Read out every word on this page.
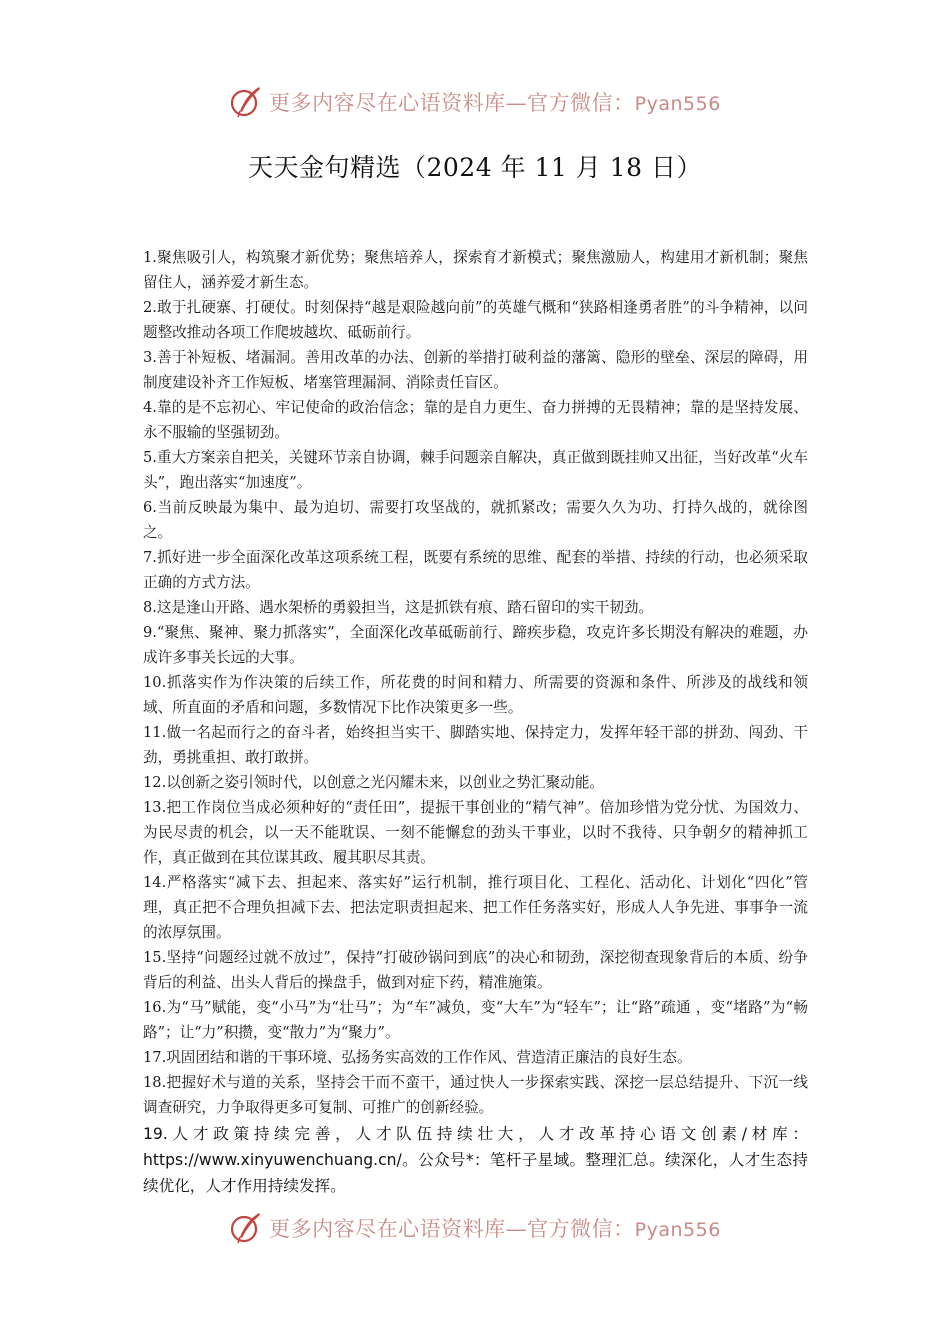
更多内容尽在心语资料库—官方微信：Pyan556
天天金句精选（2024 年 11 月 18 日）

1.聚焦吸引人，构筑聚才新优势；聚焦培养人，探索育才新模式；聚焦激励人，构建用才新机制；聚焦留住人，涵养爱才新生态。

2.敢于扎硬寨、打硬仗。时刻保持“越是艰险越向前”的英雄气概和“狭路相逢勇者胜”的斗争精神，以问题整改推动各项工作爬坡越坎、砥砺前行。

3.善于补短板、堵漏洞。善用改革的办法、创新的举措打破利益的藩篱、隐形的壁垒、深层的障碍，用制度建设补齐工作短板、堵塞管理漏洞、消除责任盲区。

4.靠的是不忘初心、牢记使命的政治信念；靠的是自力更生、奋力拼搏的无畏精神；靠的是坚持发展、永不服输的坚强韧劲。

5.重大方案亲自把关，关键环节亲自协调，棘手问题亲自解决，真正做到既挂帅又出征，当好改革“火车头”，跑出落实“加速度”。

6.当前反映最为集中、最为迫切、需要打攻坚战的，就抓紧改；需要久久为功、打持久战的，就徐图之。

7.抓好进一步全面深化改革这项系统工程，既要有系统的思维、配套的举措、持续的行动，也必须采取正确的方式方法。

8.这是逢山开路、遇水架桥的勇毅担当，这是抓铁有痕、踏石留印的实干韧劲。

9.“聚焦、聚神、聚力抓落实”，全面深化改革砥砺前行、蹄疾步稳，攻克许多长期没有解决的难题，办成许多事关长远的大事。

10.抓落实作为作决策的后续工作，所花费的时间和精力、所需要的资源和条件、所涉及的战线和领域、所直面的矛盾和问题，多数情况下比作决策更多一些。

11.做一名起而行之的奋斗者，始终担当实干、脚踏实地、保持定力，发挥年轻干部的拼劲、闯劲、干劲，勇挑重担、敢打敢拼。

12.以创新之姿引领时代，以创意之光闪耀未来，以创业之势汇聚动能。

13.把工作岗位当成必须种好的“责任田”，提振干事创业的“精气神”。倍加珍惜为党分忧、为国效力、为民尽责的机会，以一天不能耽误、一刻不能懈怠的劲头干事业，以时不我待、只争朝夕的精神抓工作，真正做到在其位谋其政、履其职尽其责。

14.严格落实“减下去、担起来、落实好”运行机制，推行项目化、工程化、活动化、计划化“四化”管理，真正把不合理负担减下去、把法定职责担起来、把工作任务落实好，形成人人争先进、事事争一流的浓厚氛围。

15.坚持“问题经过就不放过”，保持“打破砂锅问到底”的决心和韧劲，深挖彻查现象背后的本质、纷争背后的利益、出头人背后的操盘手，做到对症下药，精准施策。

16.为“马”赋能，变“小马”为“壮马”；为“车”减负，变“大车”为“轻车”；让“路”疏通 ，变“堵路”为“畅路”；让“力”积攒，变“散力”为“聚力”。

17.巩固团结和谐的干事环境、弘扬务实高效的工作作风、营造清正廉洁的良好生态。

18.把握好术与道的关系，坚持会干而不蛮干，通过快人一步探索实践、深挖一层总结提升、下沉一线调查研究，力争取得更多可复制、可推广的创新经验。

19.人才政策持续完善，人才队伍持续壮大，人才改革持心语文创素/材库：https://www.xinyuwenchuang.cn/。公众号*：笔杆子星域。整理汇总。续深化，人才生态持续优化，人才作用持续发挥。

更多内容尽在心语资料库—官方微信：Pyan556
